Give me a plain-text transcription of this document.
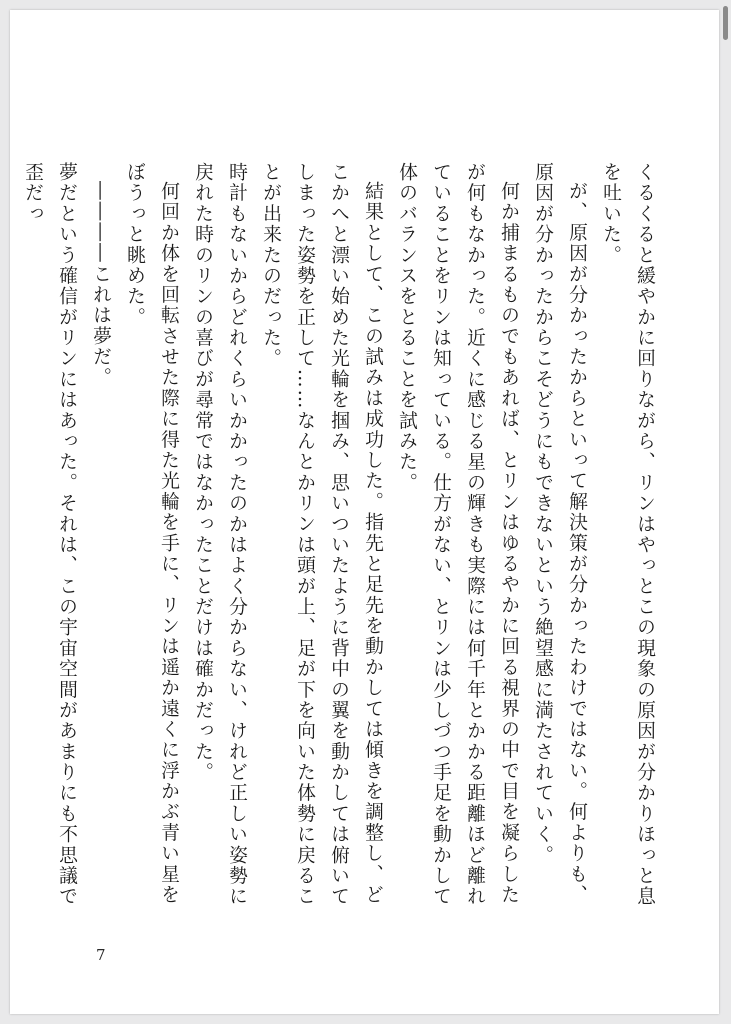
くるくると緩やかに回りながら、リンはやっとこの現象の原因が分かりほっと息を吐いた。

が、原因が分かったからといって解決策が分かったわけではない。何よりも、原因が分かったからこそどうにもできないという絶望感に満たされていく。

何か捕まるものでもあれば、とリンはゆるやかに回る視界の中で目を凝らしたが何もなかった。近くに感じる星の輝きも実際には何千年とかかる距離ほど離れていることをリンは知っている。仕方がない、とリンは少しづつ手足を動かして体のバランスをとることを試みた。

結果として、この試みは成功した。指先と足先を動かしては傾きを調整し、どこかへと漂い始めた光輪を掴み、思いついたように背中の翼を動かしては俯いてしまった姿勢を正して……なんとかリンは頭が上、足が下を向いた体勢に戻ることが出来たのだった。

時計もないからどれくらいかかったのかはよく分からない、けれど正しい姿勢に戻れた時のリンの喜びが尋常ではなかったことだけは確かだった。

何回か体を回転させた際に得た光輪を手に、リンは遥か遠くに浮かぶ青い星をぼうっと眺めた。

――――これは夢だ。

夢だという確信がリンにはあった。それは、この宇宙空間があまりにも不思議で歪だっ

7
